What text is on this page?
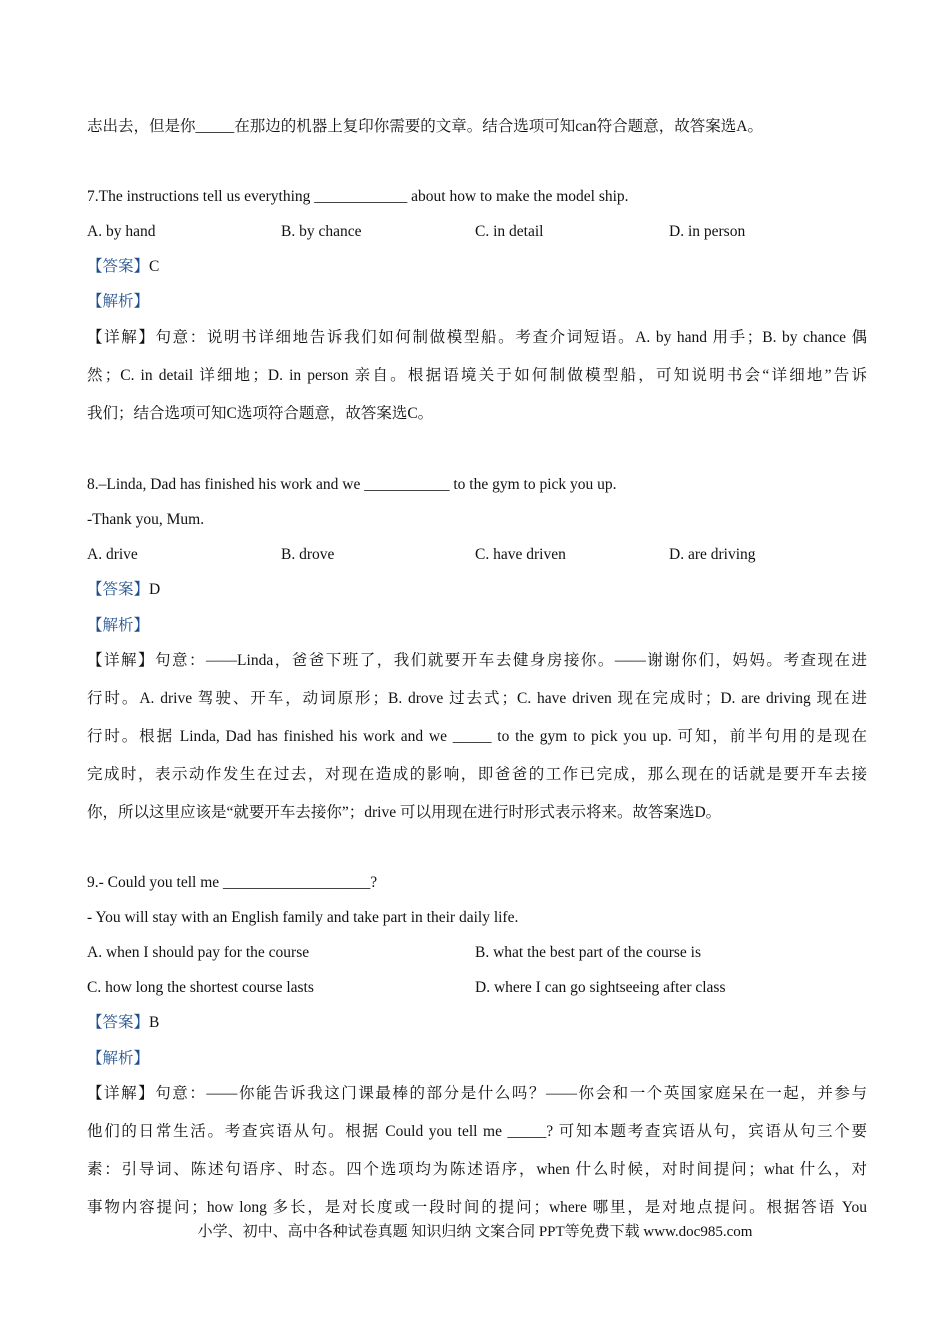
志出去，但是你_____在那边的机器上复印你需要的文章。结合选项可知can符合题意，故答案选A。
7.The instructions tell us everything ____________ about how to make the model ship.
A. by hand	B. by chance	C. in detail	D. in person
【答案】C
【解析】
【详解】句意：说明书详细地告诉我们如何制做模型船。考查介词短语。A. by hand 用手；B. by chance 偶
然；C. in detail 详细地；D. in person 亲自。根据语境关于如何制做模型船，可知说明书会“详细地”告诉
我们；结合选项可知C选项符合题意，故答案选C。
8.–Linda, Dad has finished his work and we ___________ to the gym to pick you up.
-Thank you, Mum.
A. drive	B. drove	C. have driven	D. are driving
【答案】D
【解析】
【详解】句意：——Linda，爸爸下班了，我们就要开车去健身房接你。——谢谢你们，妈妈。考查现在进
行时。A. drive 驾驶、开车，动词原形；B. drove 过去式；C. have driven 现在完成时；D. are driving 现在进
行时。根据 Linda, Dad has finished his work and we _____ to the gym to pick you up. 可知，前半句用的是现在
完成时，表示动作发生在过去，对现在造成的影响，即爸爸的工作已完成，那么现在的话就是要开车去接
你，所以这里应该是“就要开车去接你”；drive 可以用现在进行时形式表示将来。故答案选D。
9.- Could you tell me ___________________?
- You will stay with an English family and take part in their daily life.
A. when I should pay for the course	B. what the best part of the course is
C. how long the shortest course lasts	D. where I can go sightseeing after class
【答案】B
【解析】
【详解】句意：——你能告诉我这门课最棒的部分是什么吗？——你会和一个英国家庭呆在一起，并参与
他们的日常生活。考查宾语从句。根据 Could you tell me _____? 可知本题考查宾语从句，宾语从句三个要
素：引导词、陈述句语序、时态。四个选项均为陈述语序，when 什么时候，对时间提问；what 什么，对
事物内容提问；how long 多长，是对长度或一段时间的提问；where 哪里，是对地点提问。根据答语 You
小学、初中、高中各种试卷真题 知识归纳 文案合同 PPT等免费下载 www.doc985.com
